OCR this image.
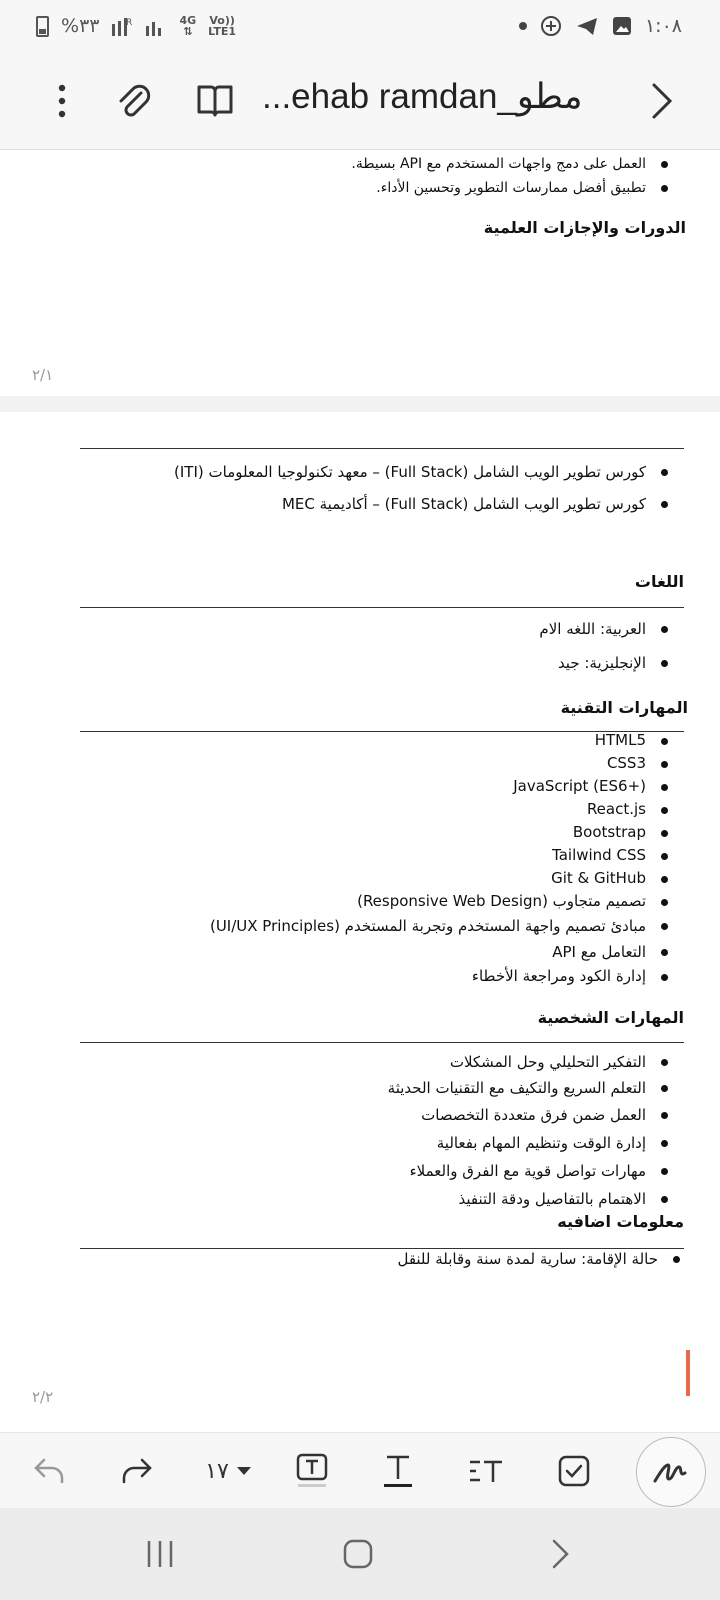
%٣٣	R	4G
⇅
Vo))
LTE1	١:٠٨
...ehab ramdan_مطو
العمل على دمج واجهات المستخدم مع API بسيطة.
تطبيق أفضل ممارسات التطوير وتحسين الأداء.
الدورات والإجازات العلمية
٢/١
كورس تطوير الويب الشامل (Full Stack) – معهد تكنولوجيا المعلومات (ITI)
كورس تطوير الويب الشامل (Full Stack) – أكاديمية MEC
اللغات
العربية: اللغه الام
الإنجليزية: جيد
المهارات التقنية
HTML5
CSS3
JavaScript (ES6+)
React.js
Bootstrap
Tailwind CSS
Git & GitHub
تصميم متجاوب (Responsive Web Design)
مبادئ تصميم واجهة المستخدم وتجربة المستخدم (UI/UX Principles)
التعامل مع API
إدارة الكود ومراجعة الأخطاء
المهارات الشخصية
التفكير التحليلي وحل المشكلات
التعلم السريع والتكيف مع التقنيات الحديثة
العمل ضمن فرق متعددة التخصصات
إدارة الوقت وتنظيم المهام بفعالية
مهارات تواصل قوية مع الفرق والعملاء
الاهتمام بالتفاصيل ودقة التنفيذ
معلومات اضافيه
حالة الإقامة: سارية لمدة سنة وقابلة للنقل
٢/٢
١٧
